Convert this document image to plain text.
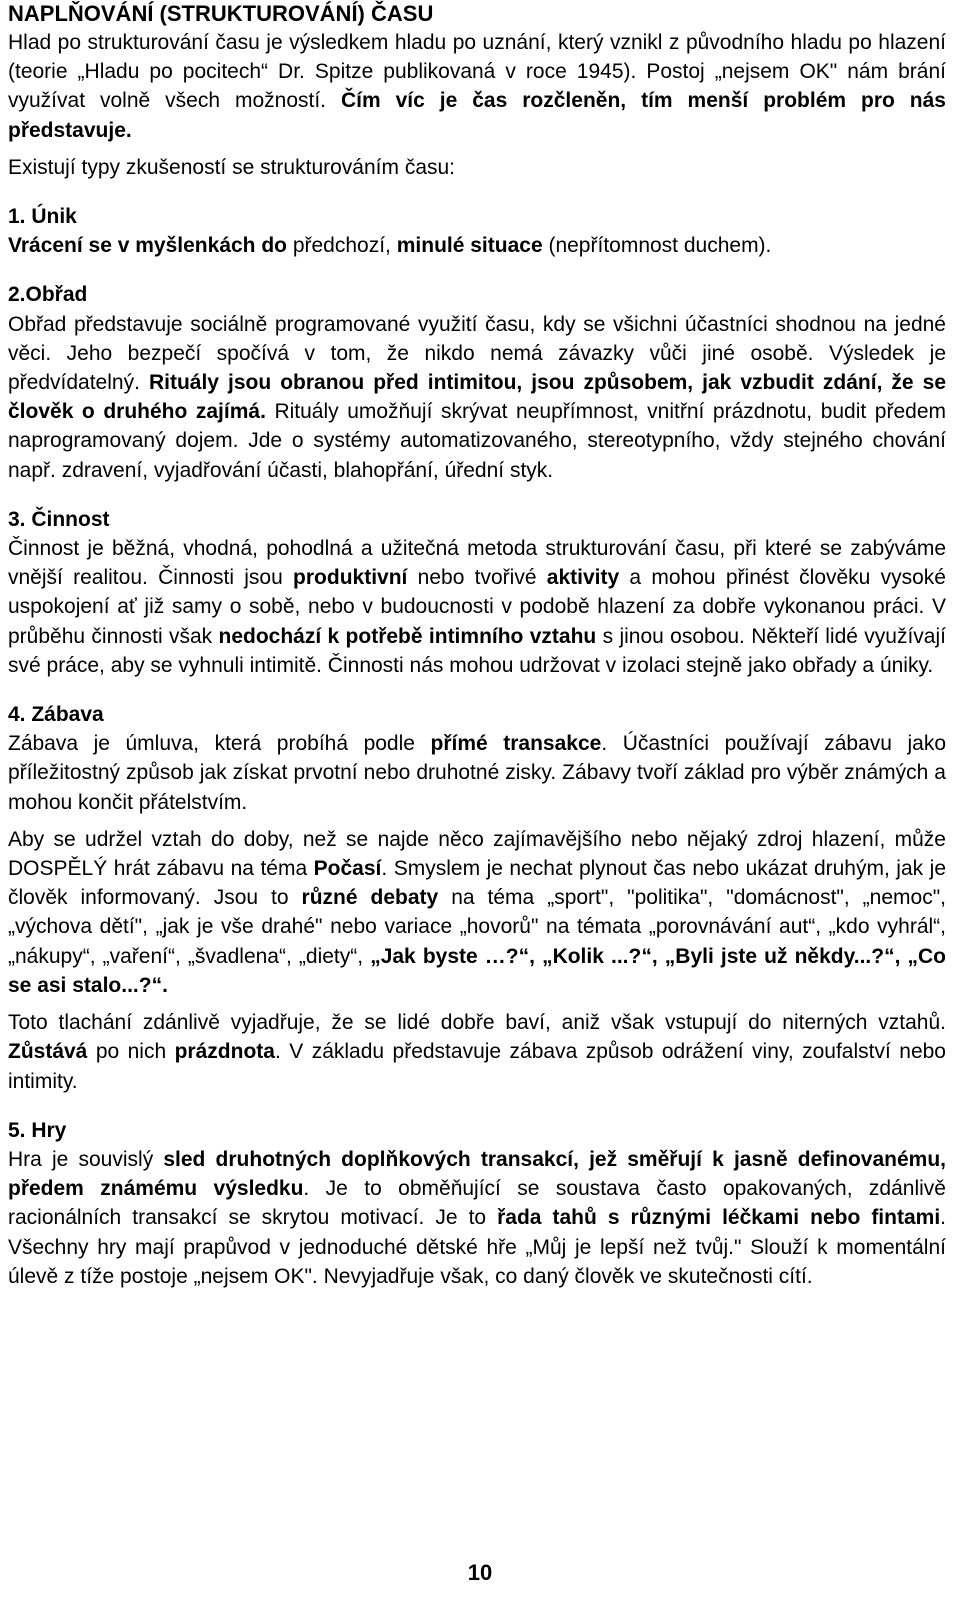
NAPLŇOVÁNÍ (STRUKTUROVÁNÍ) ČASU

Hlad po strukturování času je výsledkem hladu po uznání, který vznikl z původního hladu po hlazení (teorie „Hladu po pocitech“ Dr. Spitze publikovaná v roce 1945). Postoj „nejsem OK" nám brání využívat volně všech možností. Čím víc je čas rozčleněn, tím menší problém pro nás představuje.

Existují typy zkušeností se strukturováním času:

1. Únik

Vrácení se v myšlenkách do předchozí, minulé situace (nepřítomnost duchem).

2.Obřad

Obřad představuje sociálně programované využití času, kdy se všichni účastníci shodnou na jedné věci. Jeho bezpečí spočívá v tom, že nikdo nemá závazky vůči jiné osobě. Výsledek je předvídatelný. Rituály jsou obranou před intimitou, jsou způsobem, jak vzbudit zdání, že se člověk o druhého zajímá. Rituály umožňují skrývat neupřímnost, vnitřní prázdnotu, budit předem naprogramovaný dojem. Jde o systémy automatizovaného, stereotypního, vždy stejného chování např. zdravení, vyjadřování účasti, blahopřání, úřední styk.

3. Činnost

Činnost je běžná, vhodná, pohodlná a užitečná metoda strukturování času, při které se zabýváme vnější realitou. Činnosti jsou produktivní nebo tvořivé aktivity a mohou přinést člověku vysoké uspokojení ať již samy o sobě, nebo v budoucnosti v podobě hlazení za dobře vykonanou práci. V průběhu činnosti však nedochází k potřebě intimního vztahu s jinou osobou. Někteří lidé využívají své práce, aby se vyhnuli intimitě. Činnosti nás mohou udržovat v izolaci stejně jako obřady a úniky.

4. Zábava

Zábava je úmluva, která probíhá podle přímé transakce. Účastníci používají zábavu jako příležitostný způsob jak získat prvotní nebo druhotné zisky. Zábavy tvoří základ pro výběr známých a mohou končit přátelstvím.

Aby se udržel vztah do doby, než se najde něco zajímavějšího nebo nějaký zdroj hlazení, může DOSPĚLÝ hrát zábavu na téma Počasí. Smyslem je nechat plynout čas nebo ukázat druhým, jak je člověk informovaný. Jsou to různé debaty na téma „sport", "politika", "domácnost", „nemoc", „výchova dětí", „jak je vše drahé" nebo variace „hovorů" na témata „porovnávání aut“, „kdo vyhrál“, „nákupy“, „vaření“, „švadlena“, „diety“, „Jak byste …?“, „Kolik ...?“, „Byli jste už někdy...?“, „Co se asi stalo...?“.

Toto tlachání zdánlivě vyjadřuje, že se lidé dobře baví, aniž však vstupují do niterných vztahů. Zůstává po nich prázdnota. V základu představuje zábava způsob odrážení viny, zoufalství nebo intimity.

5. Hry

Hra je souvislý sled druhotných doplňkových transakcí, jež směřují k jasně definovanému, předem známému výsledku. Je to obměňující se soustava často opakovaných, zdánlivě racionálních transakcí se skrytou motivací. Je to řada tahů s různými léčkami nebo fintami. Všechny hry mají prapůvod v jednoduché dětské hře „Můj je lepší než tvůj." Slouží k momentální úlevě z tíže postoje „nejsem OK". Nevyjadřuje však, co daný člověk ve skutečnosti cítí.

10
